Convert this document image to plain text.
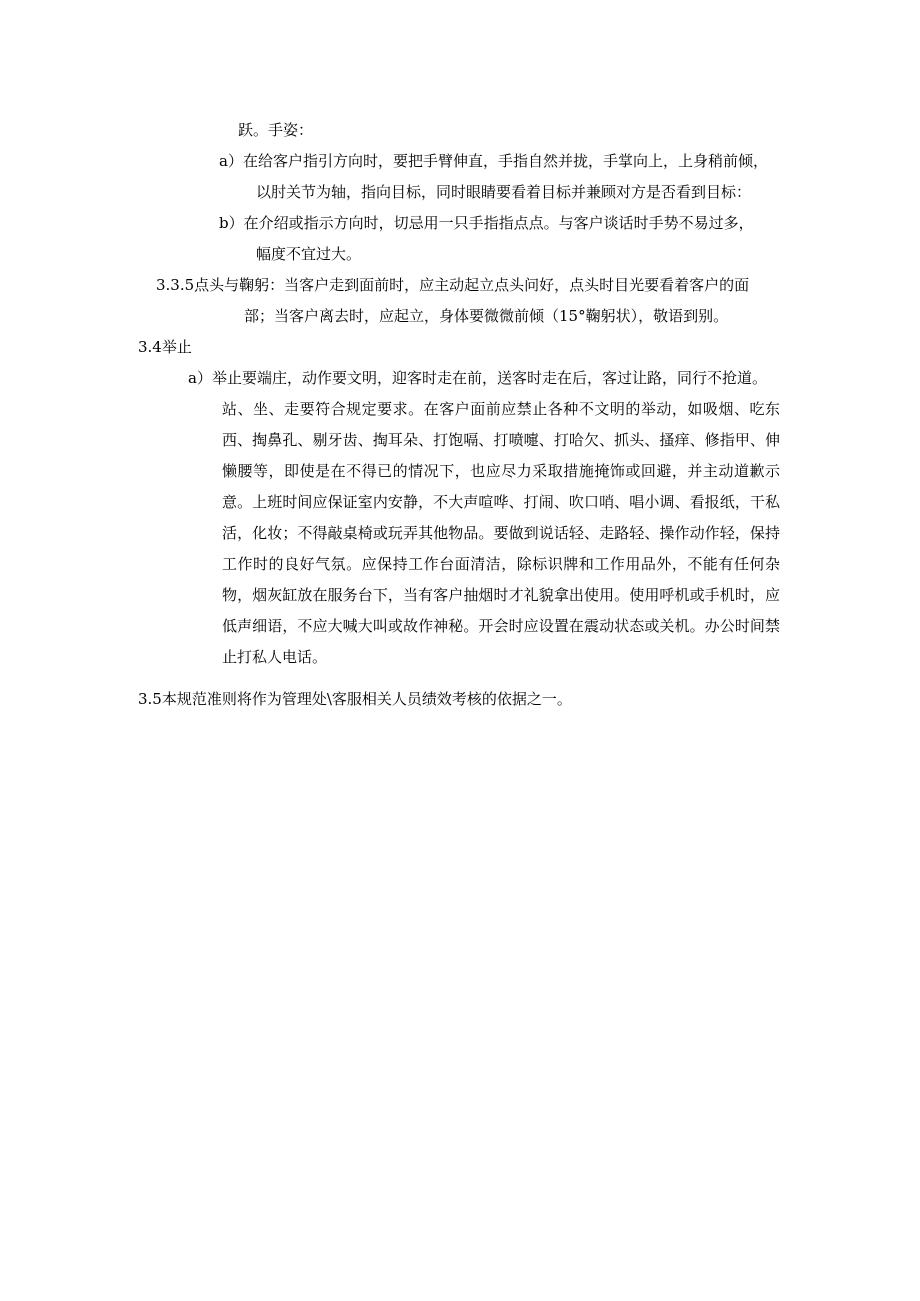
跃。手姿：
a）在给客户指引方向时，要把手臂伸直，手指自然并拢，手掌向上，上身稍前倾，
以肘关节为轴，指向目标，同时眼睛要看着目标并兼顾对方是否看到目标：
b）在介绍或指示方向时，切忌用一只手指指点点。与客户谈话时手势不易过多，
幅度不宜过大。
3.3.5点头与鞠躬：当客户走到面前时，应主动起立点头问好，点头时目光要看着客户的面
部；当客户离去时，应起立，身体要微微前倾（15°鞠躬状），敬语到别。
3.4举止
a）举止要端庄，动作要文明，迎客时走在前，送客时走在后，客过让路，同行不抢道。
站、坐、走要符合规定要求。在客户面前应禁止各种不文明的举动，如吸烟、吃东西、掏鼻孔、剔牙齿、掏耳朵、打饱嗝、打喷嚏、打哈欠、抓头、搔痒、修指甲、伸懒腰等，即使是在不得已的情况下，也应尽力采取措施掩饰或回避，并主动道歉示意。上班时间应保证室内安静，不大声喧哗、打闹、吹口哨、唱小调、看报纸，干私活，化妆；不得敲桌椅或玩弄其他物品。要做到说话轻、走路轻、操作动作轻，保持工作时的良好气氛。应保持工作台面清洁，除标识牌和工作用品外，不能有任何杂物，烟灰缸放在服务台下，当有客户抽烟时才礼貌拿出使用。使用呼机或手机时，应低声细语，不应大喊大叫或故作神秘。开会时应设置在震动状态或关机。办公时间禁止打私人电话。
3.5本规范准则将作为管理处\客服相关人员绩效考核的依据之一。
